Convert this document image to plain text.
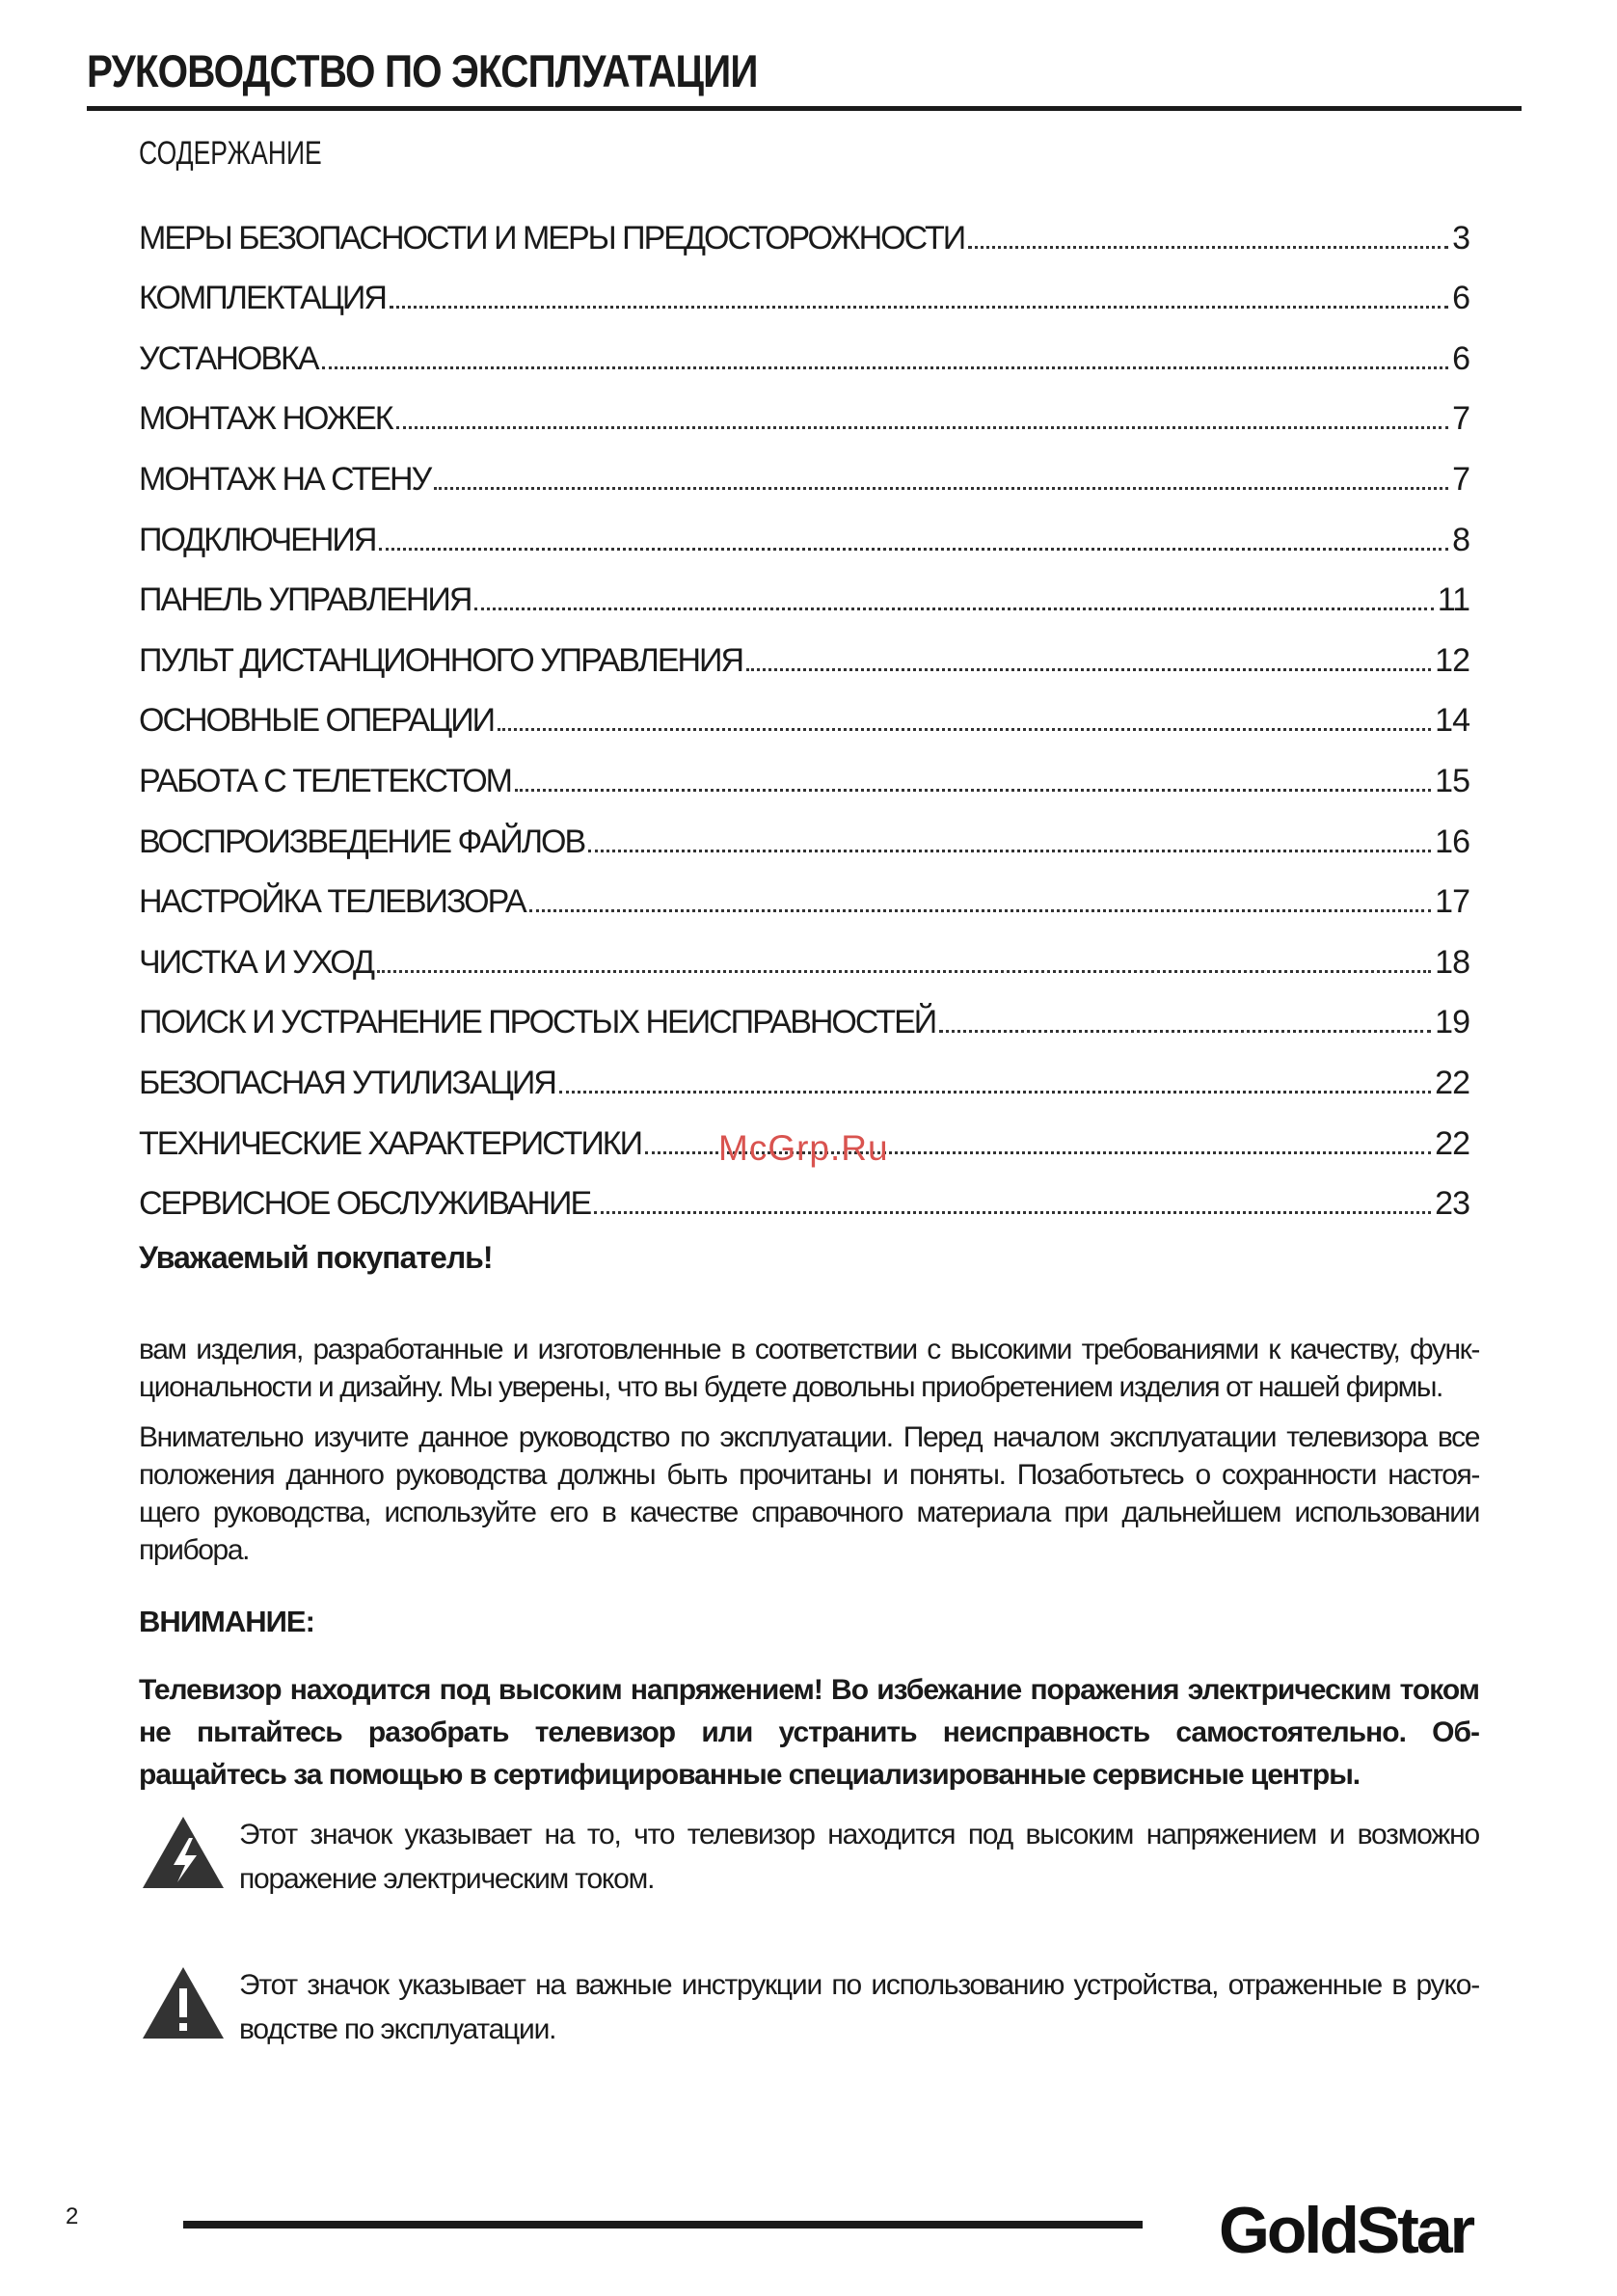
РУКОВОДСТВО ПО ЭКСПЛУАТАЦИИ
СОДЕРЖАНИЕ
МЕРЫ БЕЗОПАСНОСТИ И МЕРЫ ПРЕДОСТОРОЖНОСТИ	3
КОМПЛЕКТАЦИЯ	6
УСТАНОВКА	6
МОНТАЖ НОЖЕК	7
МОНТАЖ НА СТЕНУ	7
ПОДКЛЮЧЕНИЯ	8
ПАНЕЛЬ УПРАВЛЕНИЯ	11
ПУЛЬТ ДИСТАНЦИОННОГО УПРАВЛЕНИЯ	12
ОСНОВНЫЕ ОПЕРАЦИИ	14
РАБОТА С ТЕЛЕТЕКСТОМ	15
ВОСПРОИЗВЕДЕНИЕ ФАЙЛОВ	16
НАСТРОЙКА ТЕЛЕВИЗОРА	17
ЧИСТКА И УХОД	18
ПОИСК И УСТРАНЕНИЕ ПРОСТЫХ НЕИСПРАВНОСТЕЙ	19
БЕЗОПАСНАЯ УТИЛИЗАЦИЯ	22
ТЕХНИЧЕСКИЕ ХАРАКТЕРИСТИКИ	22
СЕРВИСНОЕ ОБСЛУЖИВАНИЕ	23
McGrp.Ru
Уважаемый покупатель!

вам изделия, разработанные и изготовленные в соответствии с высокими требованиями к качеству, функ- циональности и дизайну. Мы уверены, что вы будете довольны приобретением изделия от нашей фирмы.

Внимательно изучите данное руководство по эксплуатации. Перед началом эксплуатации телевизора все положения данного руководства должны быть прочитаны и поняты. Позаботьтесь о сохранности настоя- щего руководства, используйте его в качестве справочного материала при дальнейшем использовании прибора.

ВНИМАНИЕ:

Телевизор находится под высоким напряжением! Во избежание поражения электрическим током не пытайтесь разобрать телевизор или устранить неисправность самостоятельно. Об- ращайтесь за помощью в сертифицированные специализированные сервисные центры.

Этот значок указывает на то, что телевизор находится под высоким напряжением и возможно поражение электрическим током.
Этот значок указывает на важные инструкции по использованию устройства, отраженные в руко- водстве по эксплуатации.
2	GoldStar
